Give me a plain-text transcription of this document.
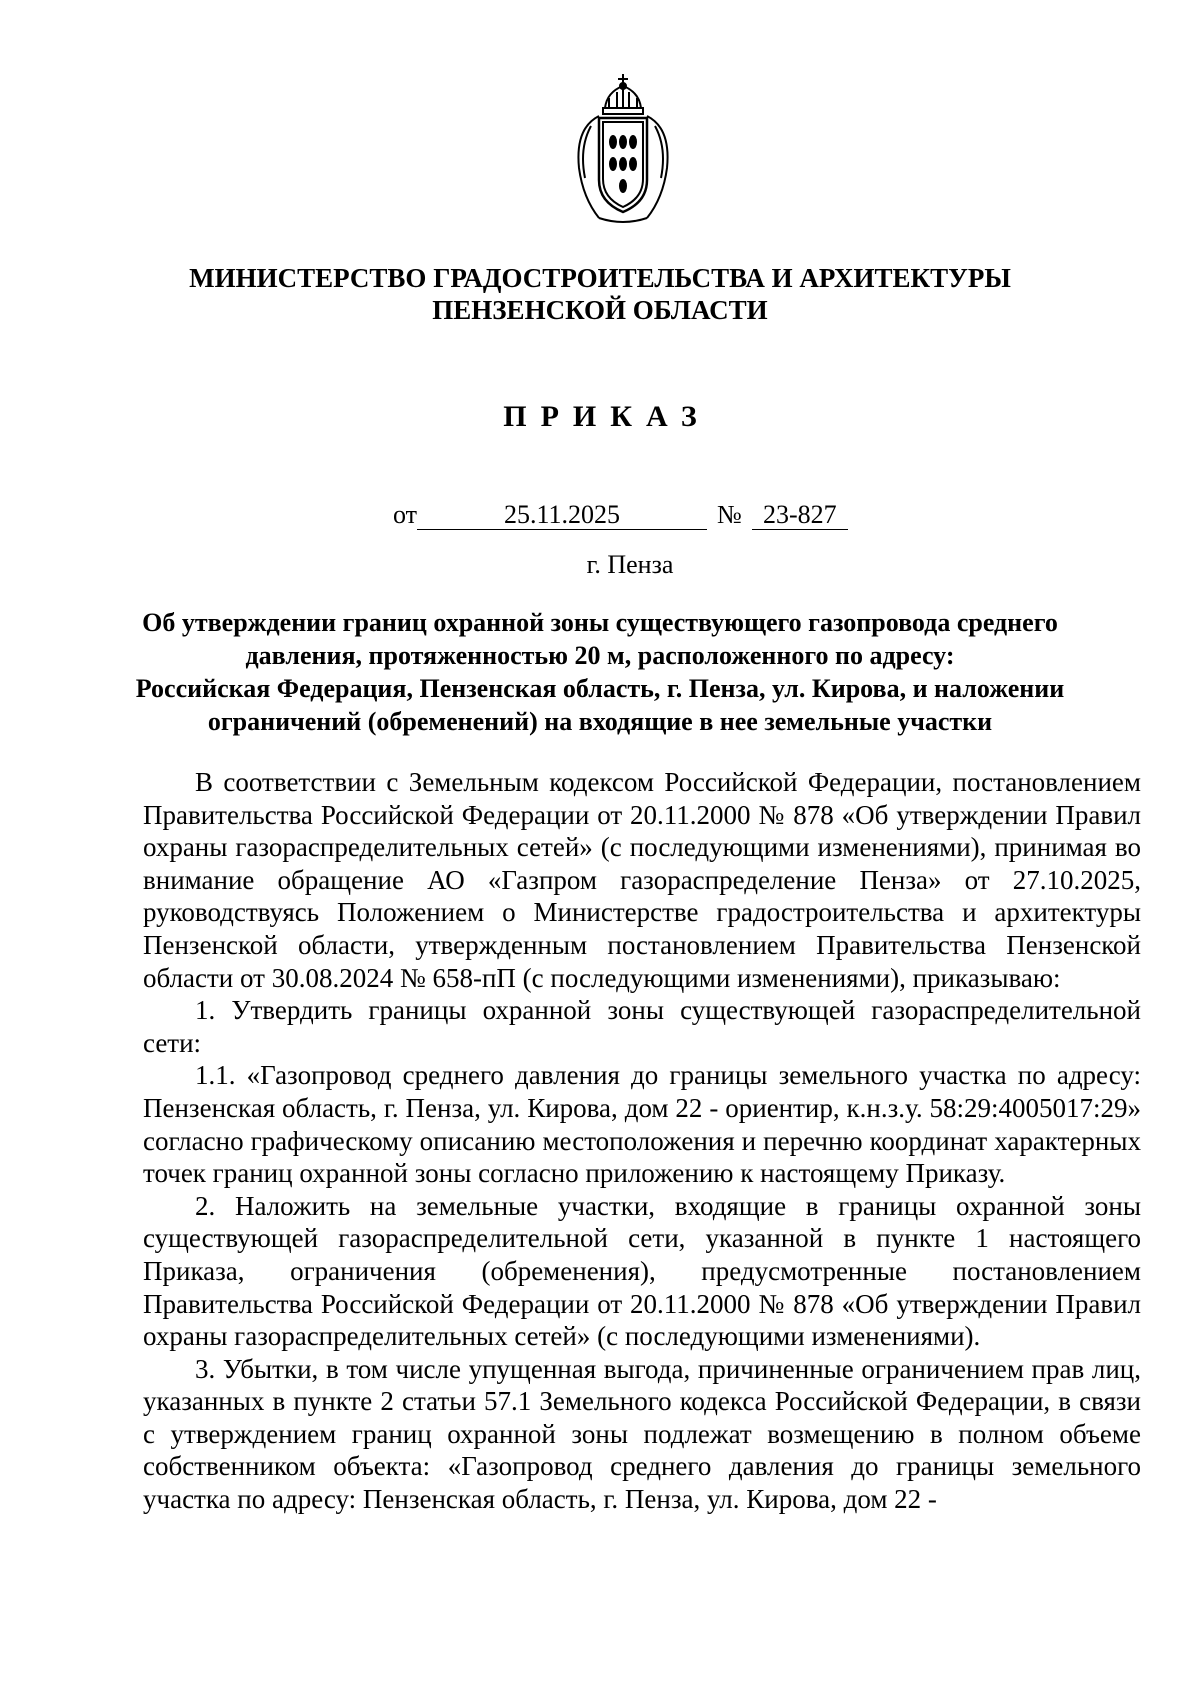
МИНИСТЕРСТВО ГРАДОСТРОИТЕЛЬСТВА И АРХИТЕКТУРЫ
ПЕНЗЕНСКОЙ ОБЛАСТИ
ПРИКАЗ
от	25.11.2025	№ 23-827
г. Пенза
Об утверждении границ охранной зоны существующего газопровода среднего
давления, протяженностью 20 м, расположенного по адресу:
Российская Федерация, Пензенская область, г. Пенза, ул. Кирова, и наложении
ограничений (обременений) на входящие в нее земельные участки

В соответствии с Земельным кодексом Российской Федерации, постановлением Правительства Российской Федерации от 20.11.2000 № 878 «Об утверждении Правил охраны газораспределительных сетей» (с последующими изменениями), принимая во внимание обращение АО «Газпром газораспределение Пенза» от 27.10.2025, руководствуясь Положением о Министерстве градостроительства и архитектуры Пензенской области, утвержденным постановлением Правительства Пензенской области от 30.08.2024 № 658-пП (с последующими изменениями), приказываю:

1. Утвердить границы охранной зоны существующей газораспределительной сети:

1.1. «Газопровод среднего давления до границы земельного участка по адресу: Пензенская область, г. Пенза, ул. Кирова, дом 22 - ориентир, к.н.з.у. 58:29:4005017:29» согласно графическому описанию местоположения и перечню координат характерных точек границ охранной зоны согласно приложению к настоящему Приказу.

2. Наложить на земельные участки, входящие в границы охранной зоны существующей газораспределительной сети, указанной в пункте 1 настоящего Приказа, ограничения (обременения), предусмотренные постановлением Правительства Российской Федерации от 20.11.2000 № 878 «Об утверждении Правил охраны газораспределительных сетей» (с последующими изменениями).

3. Убытки, в том числе упущенная выгода, причиненные ограничением прав лиц, указанных в пункте 2 статьи 57.1 Земельного кодекса Российской Федерации, в связи с утверждением границ охранной зоны подлежат возмещению в полном объеме собственником объекта: «Газопровод среднего давления до границы земельного участка по адресу: Пензенская область, г. Пенза, ул. Кирова, дом 22 -
